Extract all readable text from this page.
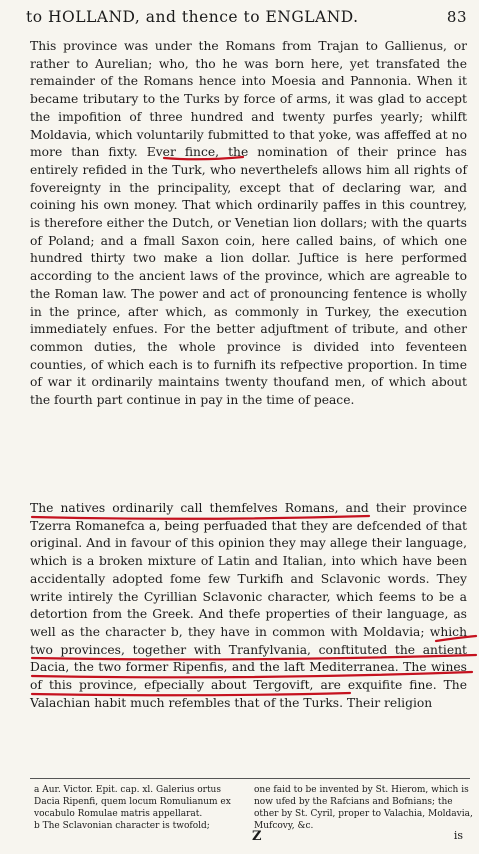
to HOLLAND, and thence to ENGLAND.	83

This province was under the Romans from Trajan to Gallienus, or rather to Aurelian; who, tho he was born here, yet transfated the remainder of the Romans hence into Moesia and Pannonia. When it became tributary to the Turks by force of arms, it was glad to accept the impofition of three hundred and twenty purfes yearly; whilft Moldavia, which voluntarily fubmitted to that yoke, was affeffed at no more than fixty. Ever fince, the nomination of their prince has entirely refided in the Turk, who neverthelefs allows him all rights of fovereignty in the principality, except that of declaring war, and coining his own money. That which ordinarily paffes in this countrey, is therefore either the Dutch, or Venetian lion dollars; with the quarts of Poland; and a fmall Saxon coin, here called bains, of which one hundred thirty two make a lion dollar. Juftice is here performed according to the ancient laws of the province, which are agreable to the Roman law. The power and act of pronouncing fentence is wholly in the prince, after which, as commonly in Turkey, the execution immediately enfues. For the better adjuftment of tribute, and other common duties, the whole province is divided into feventeen counties, of which each is to furnifh its refpective proportion. In time of war it ordinarily maintains twenty thoufand men, of which about the fourth part continue in pay in the time of peace.

The natives ordinarily call themfelves Romans, and their province Tzerra Romanefca a, being perfuaded that they are defcended of that original. And in favour of this opinion they may allege their language, which is a broken mixture of Latin and Italian, into which have been accidentally adopted fome few Turkifh and Sclavonic words. They write intirely the Cyrillian Sclavonic character, which feems to be a detortion from the Greek. And thefe properties of their language, as well as the character b, they have in common with Moldavia; which two provinces, together with Tranfylvania, conftituted the antient Dacia, the two former Ripenfis, and the laft Mediterranea. The wines of this province, efpecially about Tergovift, are exquifite fine. The Valachian habit much refembles that of the Turks. Their religion

a Aur. Victor. Epit. cap. xl. Galerius ortus Dacia Ripenfi, quem locum Romulianum ex vocabulo Romulae matris appellarat.

b The Sclavonian character is twofold;

one faid to be invented by St. Hierom, which is now ufed by the Rafcians and Bofnians; the other by St. Cyril, proper to Valachia, Moldavia, Mufcovy, &c.

Z	is
